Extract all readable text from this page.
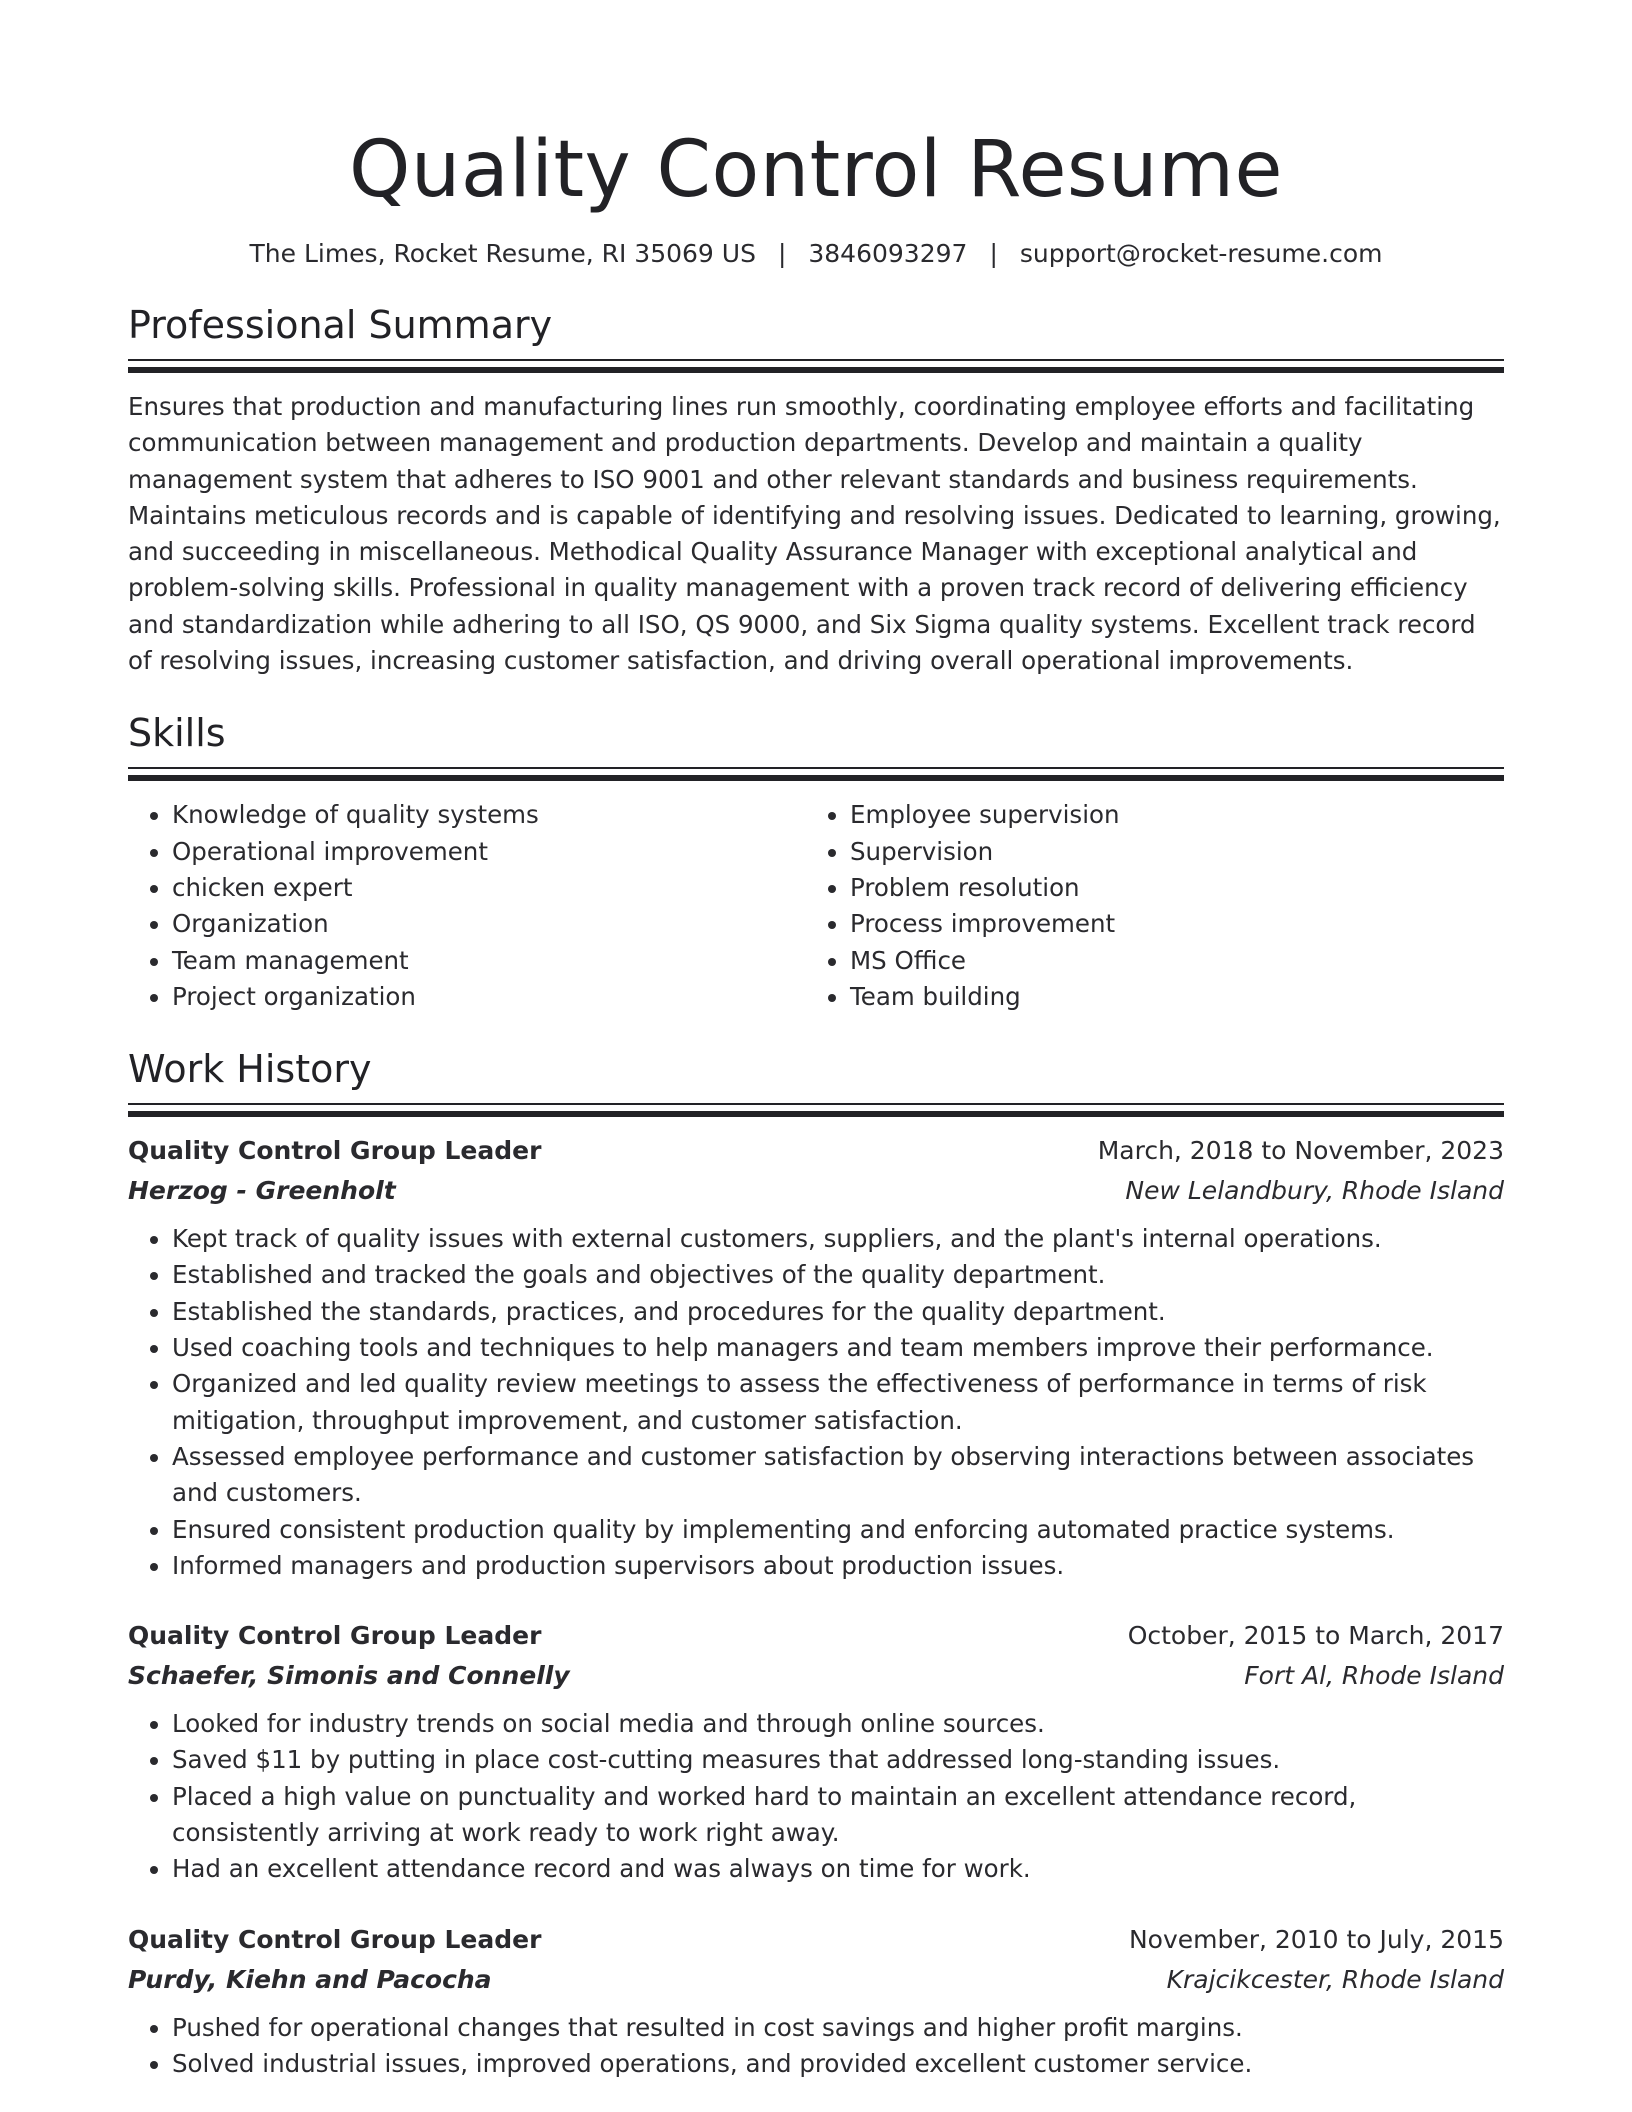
Quality Control Resume
The Limes, Rocket Resume, RI 35069 US | 3846093297 | support@rocket-resume.com
Professional Summary

Ensures that production and manufacturing lines run smoothly, coordinating employee efforts and facilitating communication between management and production departments. Develop and maintain a quality management system that adheres to ISO 9001 and other relevant standards and business requirements. Maintains meticulous records and is capable of identifying and resolving issues. Dedicated to learning, growing, and succeeding in miscellaneous. Methodical Quality Assurance Manager with exceptional analytical and problem-solving skills. Professional in quality management with a proven track record of delivering efficiency and standardization while adhering to all ISO, QS 9000, and Six Sigma quality systems. Excellent track record of resolving issues, increasing customer satisfaction, and driving overall operational improvements.

Skills
• Knowledge of quality systems
• Operational improvement
• chicken expert
• Organization
• Team management
• Project organization
• Employee supervision
• Supervision
• Problem resolution
• Process improvement
• MS Office
• Team building
Work History
Quality Control Group Leader	March, 2018 to November, 2023
Herzog - Greenholt	New Lelandbury, Rhode Island
• Kept track of quality issues with external customers, suppliers, and the plant's internal operations.
• Established and tracked the goals and objectives of the quality department.
• Established the standards, practices, and procedures for the quality department.
• Used coaching tools and techniques to help managers and team members improve their performance.
• Organized and led quality review meetings to assess the effectiveness of performance in terms of risk mitigation, throughput improvement, and customer satisfaction.
• Assessed employee performance and customer satisfaction by observing interactions between associates and customers.
• Ensured consistent production quality by implementing and enforcing automated practice systems.
• Informed managers and production supervisors about production issues.
Quality Control Group Leader	October, 2015 to March, 2017
Schaefer, Simonis and Connelly	Fort Al, Rhode Island
• Looked for industry trends on social media and through online sources.
• Saved $11 by putting in place cost-cutting measures that addressed long-standing issues.
• Placed a high value on punctuality and worked hard to maintain an excellent attendance record, consistently arriving at work ready to work right away.
• Had an excellent attendance record and was always on time for work.
Quality Control Group Leader	November, 2010 to July, 2015
Purdy, Kiehn and Pacocha	Krajcikcester, Rhode Island
• Pushed for operational changes that resulted in cost savings and higher profit margins.
• Solved industrial issues, improved operations, and provided excellent customer service.
